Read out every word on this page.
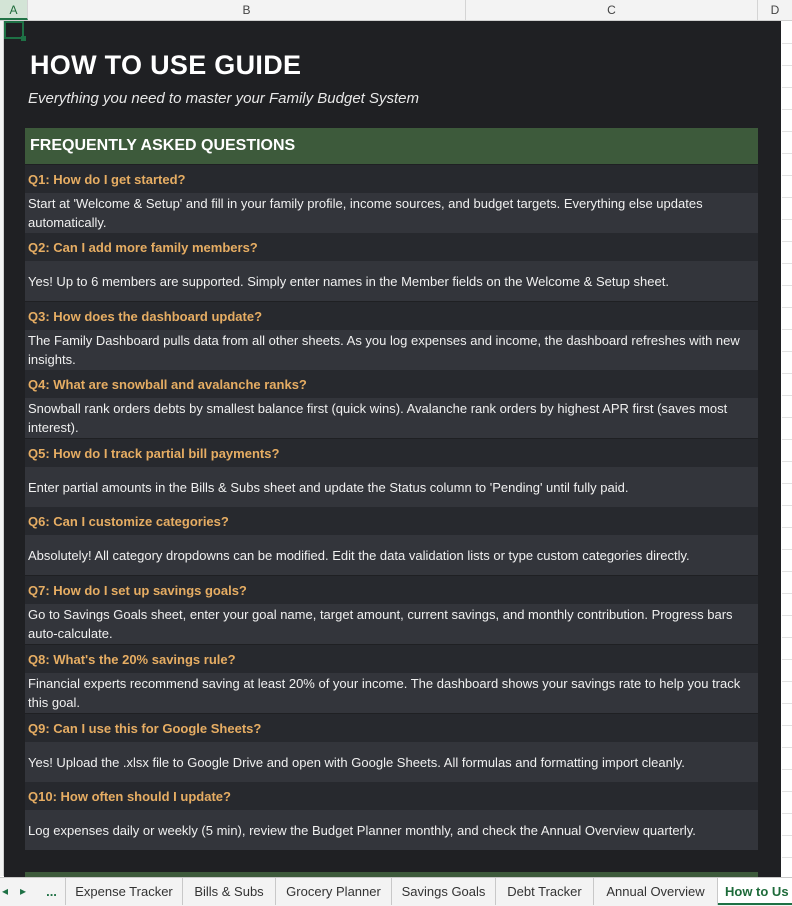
A	B	C	D
HOW TO USE GUIDE
Everything you need to master your Family Budget System
FREQUENTLY ASKED QUESTIONS
Q1: How do I get started?
Start at 'Welcome & Setup' and fill in your family profile, income sources, and budget targets. Everything else updates automatically.
Q2: Can I add more family members?
Yes! Up to 6 members are supported. Simply enter names in the Member fields on the Welcome & Setup sheet.
Q3: How does the dashboard update?
The Family Dashboard pulls data from all other sheets. As you log expenses and income, the dashboard refreshes with new insights.
Q4: What are snowball and avalanche ranks?
Snowball rank orders debts by smallest balance first (quick wins). Avalanche rank orders by highest APR first (saves most interest).
Q5: How do I track partial bill payments?
Enter partial amounts in the Bills & Subs sheet and update the Status column to 'Pending' until fully paid.
Q6: Can I customize categories?
Absolutely! All category dropdowns can be modified. Edit the data validation lists or type custom categories directly.
Q7: How do I set up savings goals?
Go to Savings Goals sheet, enter your goal name, target amount, current savings, and monthly contribution. Progress bars auto-calculate.
Q8: What's the 20% savings rule?
Financial experts recommend saving at least 20% of your income. The dashboard shows your savings rate to help you track this goal.
Q9: Can I use this for Google Sheets?
Yes! Upload the .xlsx file to Google Drive and open with Google Sheets. All formulas and formatting import cleanly.
Q10: How often should I update?
Log expenses daily or weekly (5 min), review the Budget Planner monthly, and check the Annual Overview quarterly.
◂ ▸	...	Expense Tracker	Bills & Subs	Grocery Planner	Savings Goals	Debt Tracker	Annual Overview	How to Us
